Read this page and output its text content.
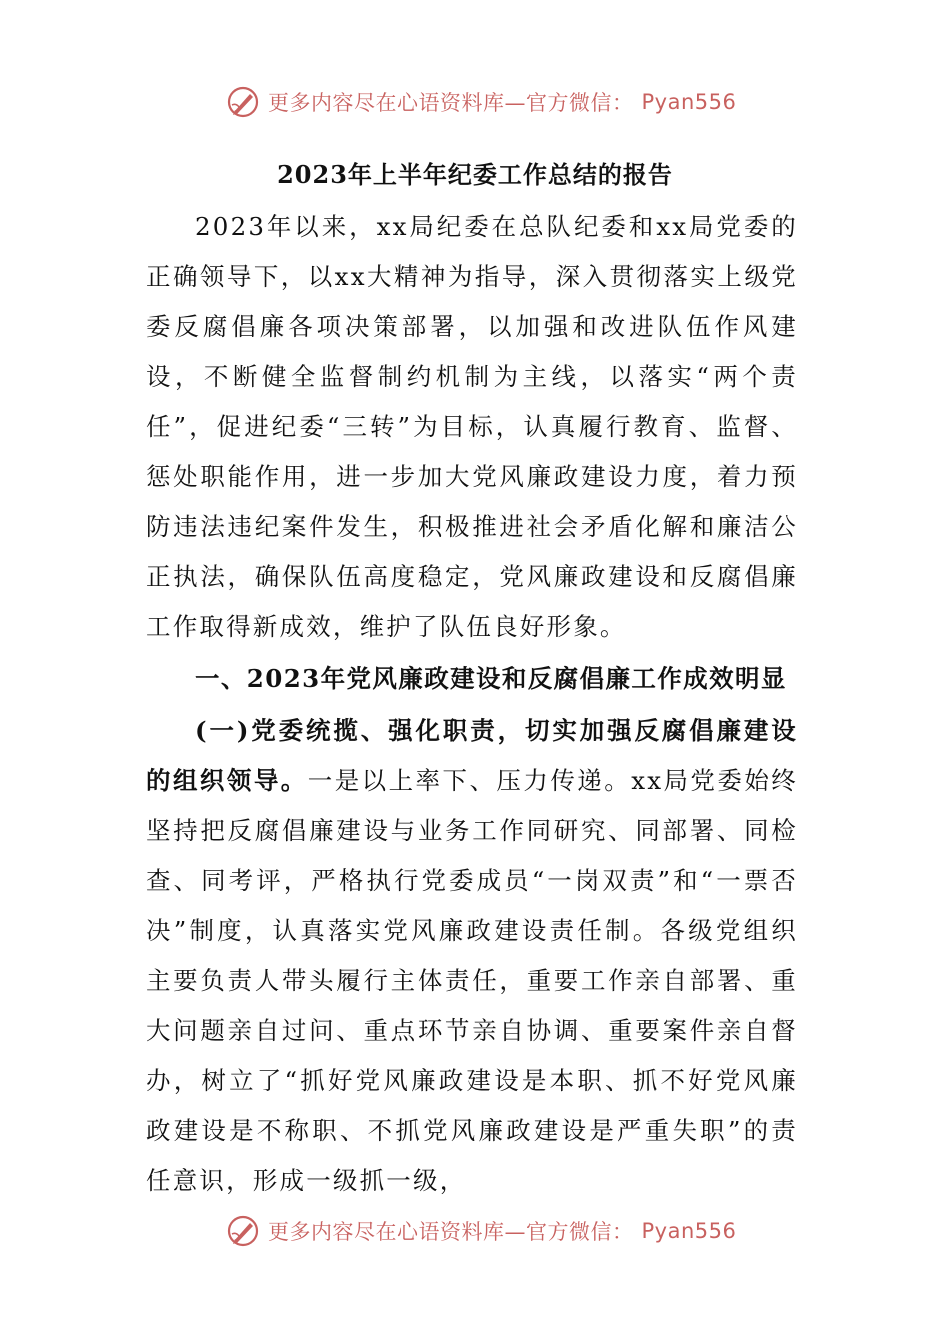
更多内容尽在心语资料库—官方微信： Pyan556
2023年上半年纪委工作总结的报告

2023年以来，xx局纪委在总队纪委和xx局党委的正确领导下，以xx大精神为指导，深入贯彻落实上级党委反腐倡廉各项决策部署，以加强和改进队伍作风建设，不断健全监督制约机制为主线，以落实“两个责任”，促进纪委“三转”为目标，认真履行教育、监督、惩处职能作用，进一步加大党风廉政建设力度，着力预防违法违纪案件发生，积极推进社会矛盾化解和廉洁公正执法，确保队伍高度稳定，党风廉政建设和反腐倡廉工作取得新成效，维护了队伍良好形象。

一、2023年党风廉政建设和反腐倡廉工作成效明显

(一)党委统揽、强化职责，切实加强反腐倡廉建设的组织领导。一是以上率下、压力传递。xx局党委始终坚持把反腐倡廉建设与业务工作同研究、同部署、同检查、同考评，严格执行党委成员“一岗双责”和“一票否决”制度，认真落实党风廉政建设责任制。各级党组织主要负责人带头履行主体责任，重要工作亲自部署、重大问题亲自过问、重点环节亲自协调、重要案件亲自督办，树立了“抓好党风廉政建设是本职、抓不好党风廉政建设是不称职、不抓党风廉政建设是严重失职”的责任意识，形成一级抓一级，

更多内容尽在心语资料库—官方微信： Pyan556
